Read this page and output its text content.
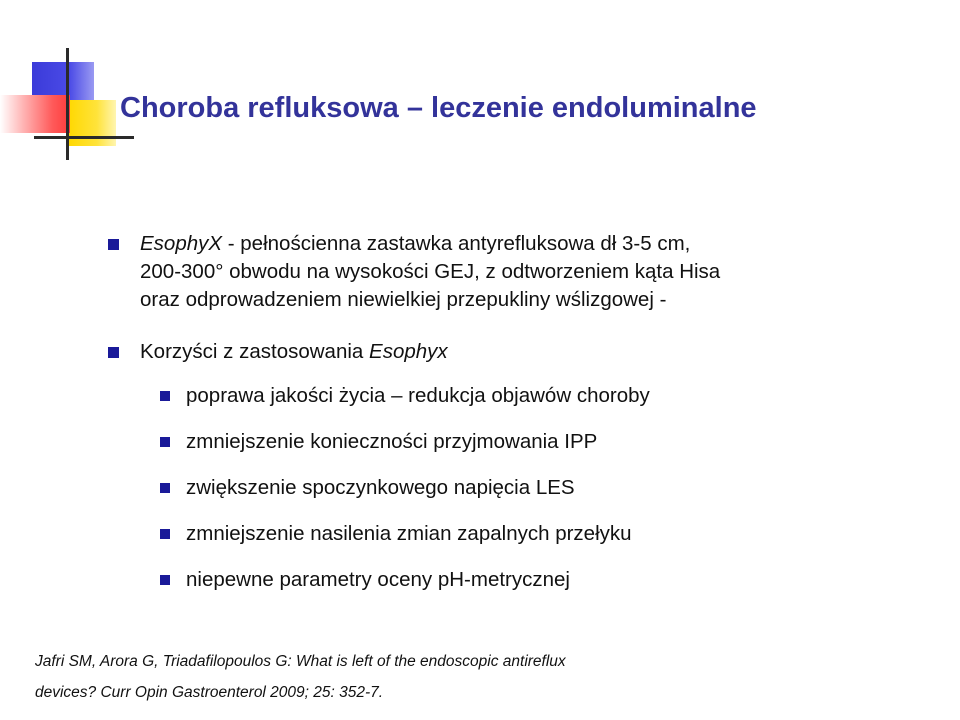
Choroba refluksowa – leczenie endoluminalne

EsophyX - pełnościenna zastawka antyrefluksowa dł 3-5 cm,

200-300° obwodu na wysokości GEJ, z odtworzeniem kąta Hisa

oraz odprowadzeniem niewielkiej przepukliny wślizgowej -

Korzyści z zastosowania Esophyx

poprawa jakości życia – redukcja objawów choroby

zmniejszenie konieczności przyjmowania IPP

zwiększenie spoczynkowego napięcia LES

zmniejszenie nasilenia zmian zapalnych przełyku

niepewne parametry oceny pH-metrycznej

Jafri SM, Arora G, Triadafilopoulos G: What is left of the endoscopic antireflux

devices? Curr Opin Gastroenterol 2009; 25: 352-7.
